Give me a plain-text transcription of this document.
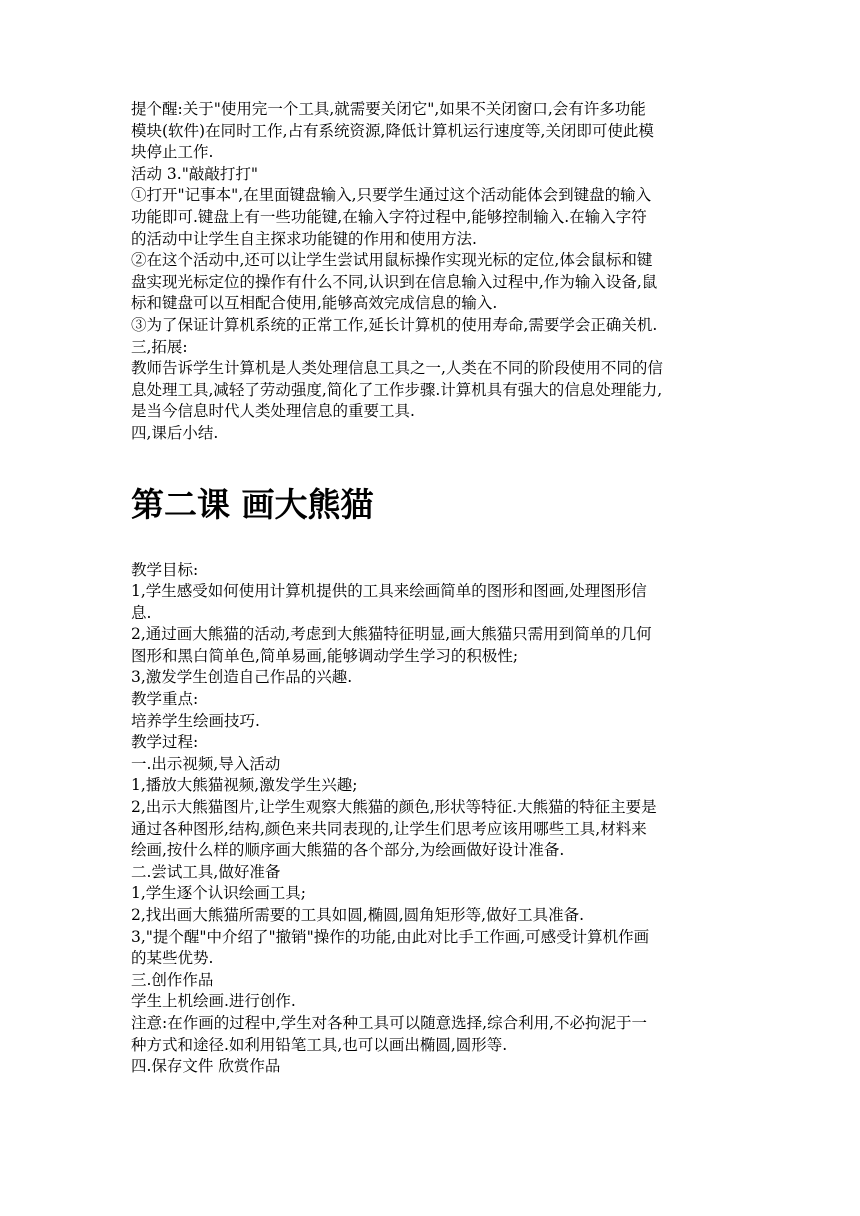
提个醒:关于"使用完一个工具,就需要关闭它",如果不关闭窗口,会有许多功能
模块(软件)在同时工作,占有系统资源,降低计算机运行速度等,关闭即可使此模
块停止工作.
活动 3."敲敲打打"
①打开"记事本",在里面键盘输入,只要学生通过这个活动能体会到键盘的输入
功能即可.键盘上有一些功能键,在输入字符过程中,能够控制输入.在输入字符
的活动中让学生自主探求功能键的作用和使用方法.
②在这个活动中,还可以让学生尝试用鼠标操作实现光标的定位,体会鼠标和键
盘实现光标定位的操作有什么不同,认识到在信息输入过程中,作为输入设备,鼠
标和键盘可以互相配合使用,能够高效完成信息的输入.
③为了保证计算机系统的正常工作,延长计算机的使用寿命,需要学会正确关机.
三,拓展:
教师告诉学生计算机是人类处理信息工具之一,人类在不同的阶段使用不同的信
息处理工具,减轻了劳动强度,简化了工作步骤.计算机具有强大的信息处理能力,
是当今信息时代人类处理信息的重要工具.
四,课后小结.
第二课 画大熊猫
教学目标:
1,学生感受如何使用计算机提供的工具来绘画简单的图形和图画,处理图形信
息.
2,通过画大熊猫的活动,考虑到大熊猫特征明显,画大熊猫只需用到简单的几何
图形和黑白简单色,简单易画,能够调动学生学习的积极性;
3,激发学生创造自己作品的兴趣.
教学重点:
培养学生绘画技巧.
教学过程:
一.出示视频,导入活动
1,播放大熊猫视频,激发学生兴趣;
2,出示大熊猫图片,让学生观察大熊猫的颜色,形状等特征.大熊猫的特征主要是
通过各种图形,结构,颜色来共同表现的,让学生们思考应该用哪些工具,材料来
绘画,按什么样的顺序画大熊猫的各个部分,为绘画做好设计准备.
二.尝试工具,做好准备
1,学生逐个认识绘画工具;
2,找出画大熊猫所需要的工具如圆,椭圆,圆角矩形等,做好工具准备.
3,"提个醒"中介绍了"撤销"操作的功能,由此对比手工作画,可感受计算机作画
的某些优势.
三.创作作品
学生上机绘画.进行创作.
注意:在作画的过程中,学生对各种工具可以随意选择,综合利用,不必拘泥于一
种方式和途径.如利用铅笔工具,也可以画出椭圆,圆形等.
四.保存文件 欣赏作品
